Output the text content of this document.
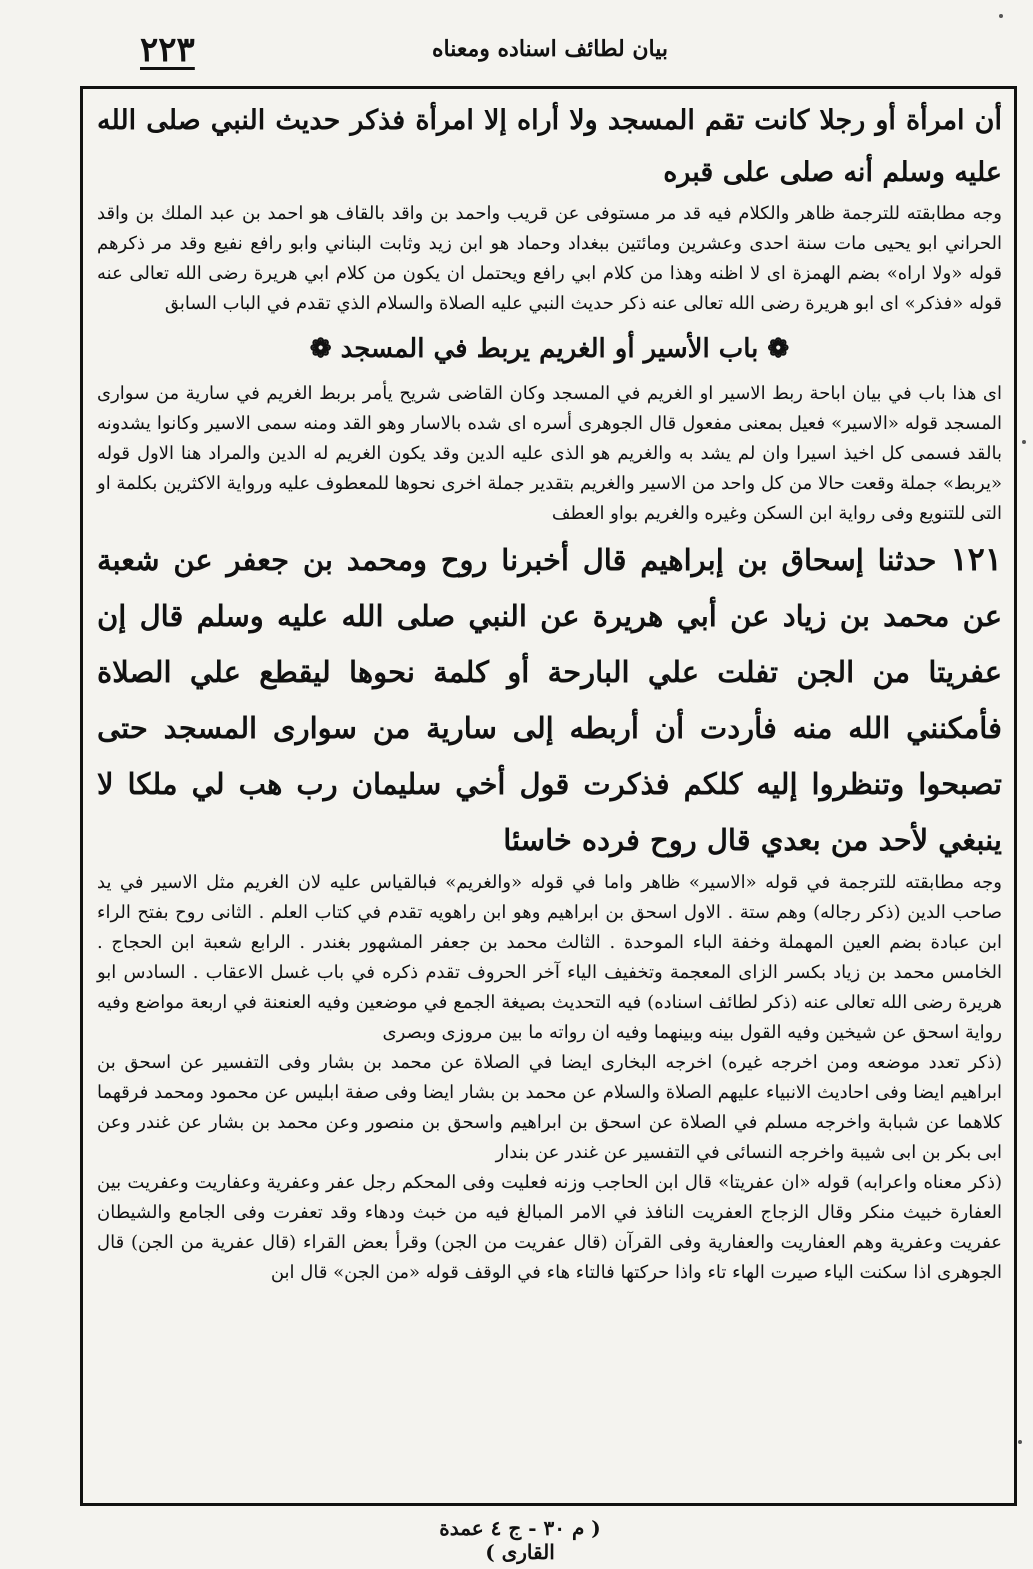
٢٢٣	بيان لطائف اسناده ومعناه

أن امرأة أو رجلا كانت تقم المسجد ولا أراه إلا امرأة فذكر حديث النبي صلى الله عليه وسلم أنه صلى على قبره

وجه مطابقته للترجمة ظاهر والكلام فيه قد مر مستوفى عن قريب واحمد بن واقد بالقاف هو احمد بن عبد الملك بن واقد الحراني ابو يحيى مات سنة احدى وعشرين ومائتين ببغداد وحماد هو ابن زيد وثابت البناني وابو رافع نفيع وقد مر ذكرهم قوله «ولا اراه» بضم الهمزة اى لا اظنه وهذا من كلام ابي رافع ويحتمل ان يكون من كلام ابي هريرة رضى الله تعالى عنه قوله «فذكر» اى ابو هريرة رضى الله تعالى عنه ذكر حديث النبي عليه الصلاة والسلام الذي تقدم في الباب السابق

❁ باب الأسير أو الغريم يربط في المسجد ❁

اى هذا باب في بيان اباحة ربط الاسير او الغريم في المسجد وكان القاضى شريح يأمر بربط الغريم في سارية من سوارى المسجد قوله «الاسير» فعيل بمعنى مفعول قال الجوهرى أسره اى شده بالاسار وهو القد ومنه سمى الاسير وكانوا يشدونه بالقد فسمى كل اخيذ اسيرا وان لم يشد به والغريم هو الذى عليه الدين وقد يكون الغريم له الدين والمراد هنا الاول قوله «يربط» جملة وقعت حالا من كل واحد من الاسير والغريم بتقدير جملة اخرى نحوها للمعطوف عليه ورواية الاكثرين بكلمة او التى للتنويع وفى رواية ابن السكن وغيره والغريم بواو العطف

١٢١حدثنا إسحاق بن إبراهيم قال أخبرنا روح ومحمد بن جعفر عن شعبة عن محمد بن زياد عن أبي هريرة عن النبي صلى الله عليه وسلم قال إن عفريتا من الجن تفلت علي البارحة أو كلمة نحوها ليقطع علي الصلاة فأمكنني الله منه فأردت أن أربطه إلى سارية من سوارى المسجد حتى تصبحوا وتنظروا إليه كلكم فذكرت قول أخي سليمان رب هب لي ملكا لا ينبغي لأحد من بعدي قال روح فرده خاسئا

وجه مطابقته للترجمة في قوله «الاسير» ظاهر واما في قوله «والغريم» فبالقياس عليه لان الغريم مثل الاسير في يد صاحب الدين (ذكر رجاله) وهم ستة . الاول اسحق بن ابراهيم وهو ابن راهويه تقدم في كتاب العلم . الثانى روح بفتح الراء ابن عبادة بضم العين المهملة وخفة الباء الموحدة . الثالث محمد بن جعفر المشهور بغندر . الرابع شعبة ابن الحجاج . الخامس محمد بن زياد بكسر الزاى المعجمة وتخفيف الياء آخر الحروف تقدم ذكره في باب غسل الاعقاب . السادس ابو هريرة رضى الله تعالى عنه (ذكر لطائف اسناده) فيه التحديث بصيغة الجمع في موضعين وفيه العنعنة في اربعة مواضع وفيه رواية اسحق عن شيخين وفيه القول بينه وبينهما وفيه ان رواته ما بين مروزى وبصرى

(ذكر تعدد موضعه ومن اخرجه غيره) اخرجه البخارى ايضا في الصلاة عن محمد بن بشار وفى التفسير عن اسحق بن ابراهيم ايضا وفى احاديث الانبياء عليهم الصلاة والسلام عن محمد بن بشار ايضا وفى صفة ابليس عن محمود ومحمد فرقهما كلاهما عن شبابة واخرجه مسلم في الصلاة عن اسحق بن ابراهيم واسحق بن منصور وعن محمد بن بشار عن غندر وعن ابى بكر بن ابى شيبة واخرجه النسائى في التفسير عن غندر عن بندار

(ذكر معناه واعرابه) قوله «ان عفريتا» قال ابن الحاجب وزنه فعليت وفى المحكم رجل عفر وعفرية وعفاريت وعفريت بين العفارة خبيث منكر وقال الزجاج العفريت النافذ في الامر المبالغ فيه من خبث ودهاء وقد تعفرت وفى الجامع والشيطان عفريت وعفرية وهم العفاريت والعفارية وفى القرآن (قال عفريت من الجن) وقرأ بعض القراء (قال عفرية من الجن) قال الجوهرى اذا سكنت الياء صيرت الهاء تاء واذا حركتها فالتاء هاء في الوقف قوله «من الجن» قال ابن

( م ٣٠ - ج ٤ عمدة القارى )
